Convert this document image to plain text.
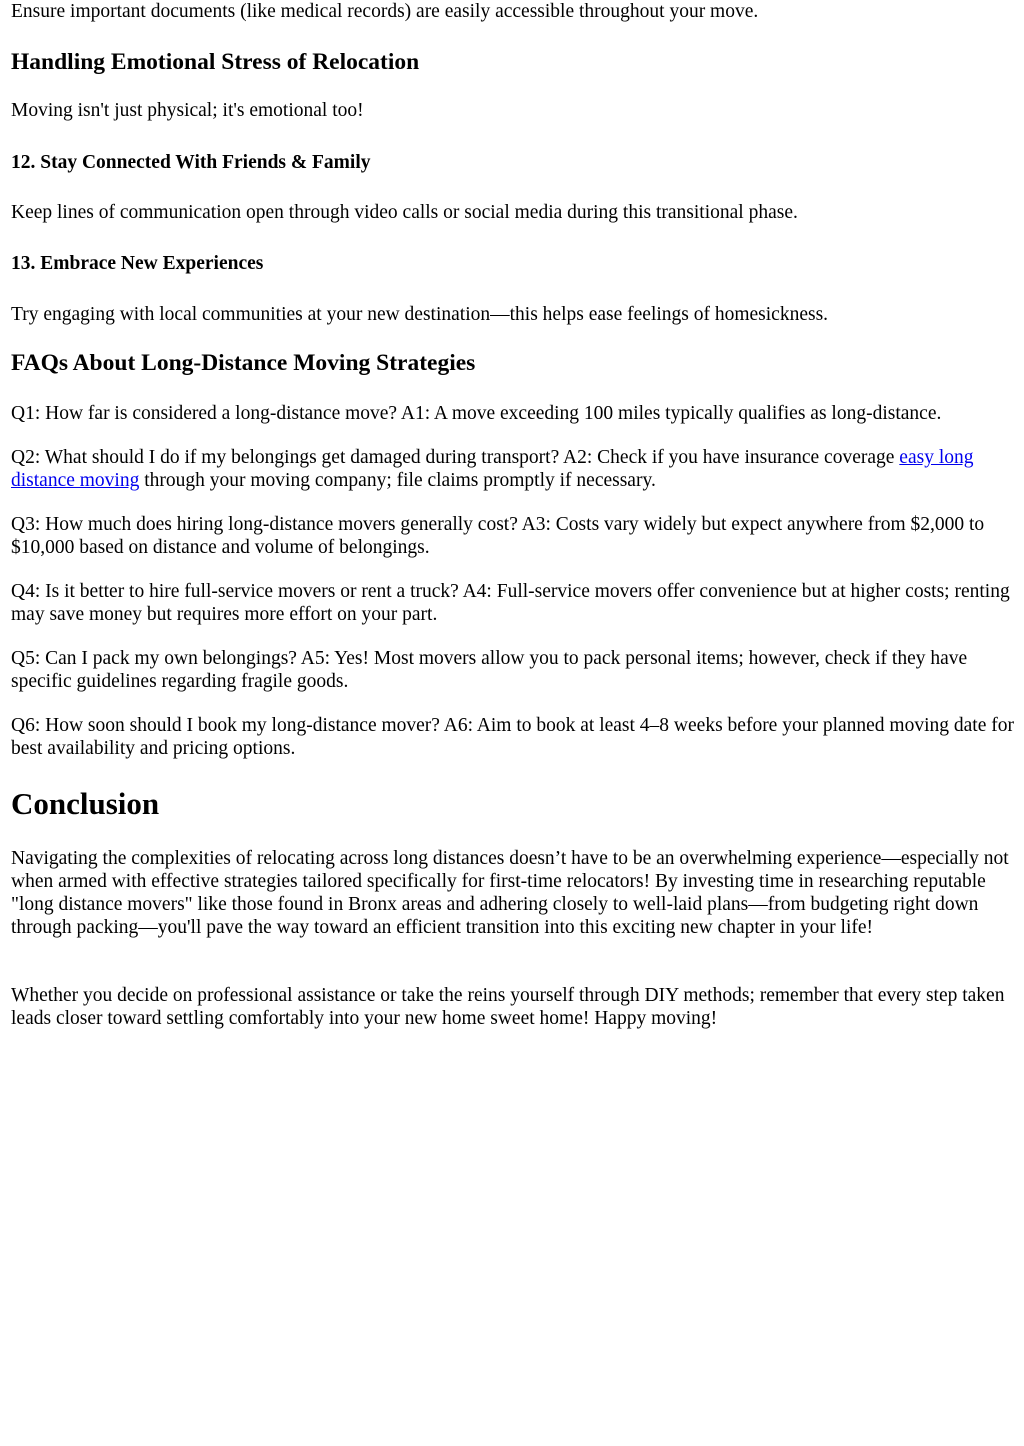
Ensure important documents (like medical records) are easily accessible throughout your move.

Handling Emotional Stress of Relocation

Moving isn't just physical; it's emotional too!

12. Stay Connected With Friends & Family

Keep lines of communication open through video calls or social media during this transitional phase.

13. Embrace New Experiences

Try engaging with local communities at your new destination—this helps ease feelings of homesickness.

FAQs About Long-Distance Moving Strategies

Q1: How far is considered a long-distance move? A1: A move exceeding 100 miles typically qualifies as long-distance.

Q2: What should I do if my belongings get damaged during transport? A2: Check if you have insurance coverage easy long distance moving through your moving company; file claims promptly if necessary.

Q3: How much does hiring long-distance movers generally cost? A3: Costs vary widely but expect anywhere from $2,000 to $10,000 based on distance and volume of belongings.

Q4: Is it better to hire full-service movers or rent a truck? A4: Full-service movers offer convenience but at higher costs; renting may save money but requires more effort on your part.

Q5: Can I pack my own belongings? A5: Yes! Most movers allow you to pack personal items; however, check if they have specific guidelines regarding fragile goods.

Q6: How soon should I book my long-distance mover? A6: Aim to book at least 4–8 weeks before your planned moving date for best availability and pricing options.

Conclusion

Navigating the complexities of relocating across long distances doesn’t have to be an overwhelming experience—especially not when armed with effective strategies tailored specifically for first-time relocators! By investing time in researching reputable "long distance movers" like those found in Bronx areas and adhering closely to well-laid plans—from budgeting right down through packing—you'll pave the way toward an efficient transition into this exciting new chapter in your life!

Whether you decide on professional assistance or take the reins yourself through DIY methods; remember that every step taken leads closer toward settling comfortably into your new home sweet home! Happy moving!
